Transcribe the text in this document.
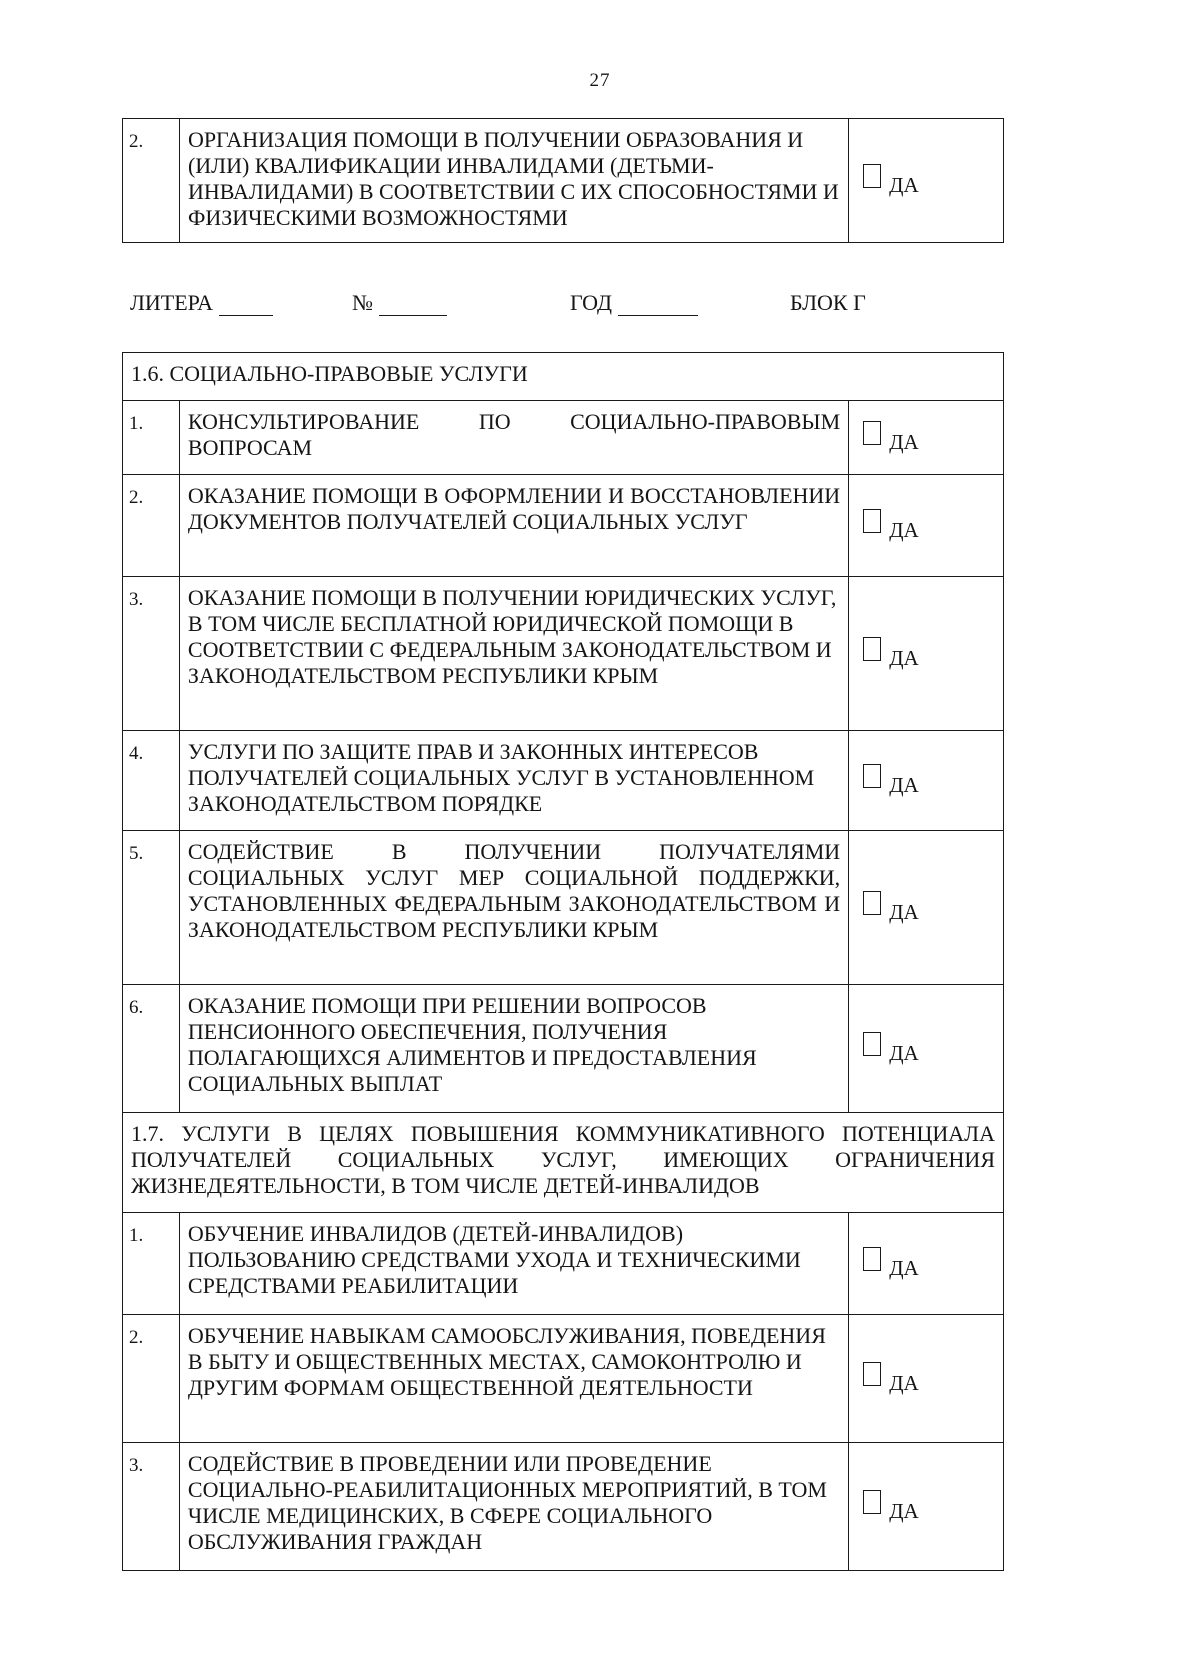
27
2.	ОРГАНИЗАЦИЯ ПОМОЩИ В ПОЛУЧЕНИИ ОБРАЗОВАНИЯ И (ИЛИ) КВАЛИФИКАЦИИ ИНВАЛИДАМИ (ДЕТЬМИ-ИНВАЛИДАМИ) В СООТВЕТСТВИИ С ИХ СПОСОБНОСТЯМИ И ФИЗИЧЕСКИМИ ВОЗМОЖНОСТЯМИ	ДА
ЛИТЕРА	№	ГОД	БЛОК Г
1.6. СОЦИАЛЬНО-ПРАВОВЫЕ УСЛУГИ		
1.	КОНСУЛЬТИРОВАНИЕ ПО СОЦИАЛЬНО-ПРАВОВЫМ ВОПРОСАМ	ДА
2.	ОКАЗАНИЕ ПОМОЩИ В ОФОРМЛЕНИИ И ВОССТАНОВЛЕНИИ ДОКУМЕНТОВ ПОЛУЧАТЕЛЕЙ СОЦИАЛЬНЫХ УСЛУГ	ДА
3.	ОКАЗАНИЕ ПОМОЩИ В ПОЛУЧЕНИИ ЮРИДИЧЕСКИХ УСЛУГ, В ТОМ ЧИСЛЕ БЕСПЛАТНОЙ ЮРИДИЧЕСКОЙ ПОМОЩИ В СООТВЕТСТВИИ С ФЕДЕРАЛЬНЫМ ЗАКОНОДАТЕЛЬСТВОМ И ЗАКОНОДАТЕЛЬСТВОМ РЕСПУБЛИКИ КРЫМ	ДА
4.	УСЛУГИ ПО ЗАЩИТЕ ПРАВ И ЗАКОННЫХ ИНТЕРЕСОВ ПОЛУЧАТЕЛЕЙ СОЦИАЛЬНЫХ УСЛУГ В УСТАНОВЛЕННОМ ЗАКОНОДАТЕЛЬСТВОМ ПОРЯДКЕ	ДА
5.	СОДЕЙСТВИЕ В ПОЛУЧЕНИИ ПОЛУЧАТЕЛЯМИ СОЦИАЛЬНЫХ УСЛУГ МЕР СОЦИАЛЬНОЙ ПОДДЕРЖКИ, УСТАНОВЛЕННЫХ ФЕДЕРАЛЬНЫМ ЗАКОНОДАТЕЛЬСТВОМ И ЗАКОНОДАТЕЛЬСТВОМ РЕСПУБЛИКИ КРЫМ	ДА
6.	ОКАЗАНИЕ ПОМОЩИ ПРИ РЕШЕНИИ ВОПРОСОВ ПЕНСИОННОГО ОБЕСПЕЧЕНИЯ, ПОЛУЧЕНИЯ ПОЛАГАЮЩИХСЯ АЛИМЕНТОВ И ПРЕДОСТАВЛЕНИЯ СОЦИАЛЬНЫХ ВЫПЛАТ	ДА
1.7. УСЛУГИ В ЦЕЛЯХ ПОВЫШЕНИЯ КОММУНИКАТИВНОГО ПОТЕНЦИАЛА ПОЛУЧАТЕЛЕЙ СОЦИАЛЬНЫХ УСЛУГ, ИМЕЮЩИХ ОГРАНИЧЕНИЯ ЖИЗНЕДЕЯТЕЛЬНОСТИ, В ТОМ ЧИСЛЕ ДЕТЕЙ-ИНВАЛИДОВ		
1.	ОБУЧЕНИЕ ИНВАЛИДОВ (ДЕТЕЙ-ИНВАЛИДОВ) ПОЛЬЗОВАНИЮ СРЕДСТВАМИ УХОДА И ТЕХНИЧЕСКИМИ СРЕДСТВАМИ РЕАБИЛИТАЦИИ	ДА
2.	ОБУЧЕНИЕ НАВЫКАМ САМООБСЛУЖИВАНИЯ, ПОВЕДЕНИЯ В БЫТУ И ОБЩЕСТВЕННЫХ МЕСТАХ, САМОКОНТРОЛЮ И ДРУГИМ ФОРМАМ ОБЩЕСТВЕННОЙ ДЕЯТЕЛЬНОСТИ	ДА
3.	СОДЕЙСТВИЕ В ПРОВЕДЕНИИ ИЛИ ПРОВЕДЕНИЕ СОЦИАЛЬНО-РЕАБИЛИТАЦИОННЫХ МЕРОПРИЯТИЙ, В ТОМ ЧИСЛЕ МЕДИЦИНСКИХ, В СФЕРЕ СОЦИАЛЬНОГО ОБСЛУЖИВАНИЯ ГРАЖДАН	ДА
